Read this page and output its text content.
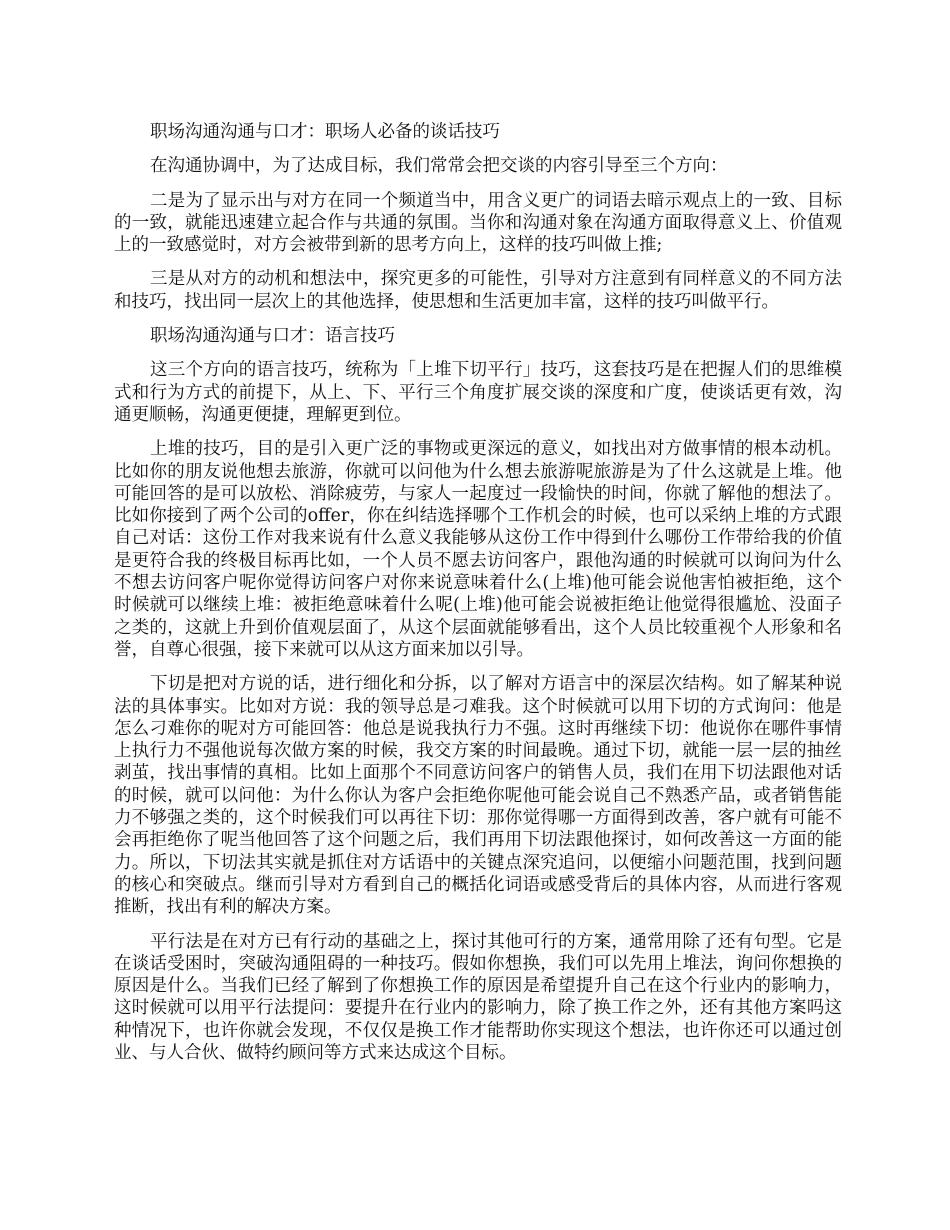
职场沟通沟通与口才：职场人必备的谈话技巧

在沟通协调中，为了达成目标，我们常常会把交谈的内容引导至三个方向：

二是为了显示出与对方在同一个频道当中，用含义更广的词语去暗示观点上的一致、目标的一致，就能迅速建立起合作与共通的氛围。当你和沟通对象在沟通方面取得意义上、价值观上的一致感觉时，对方会被带到新的思考方向上，这样的技巧叫做上推;

三是从对方的动机和想法中，探究更多的可能性，引导对方注意到有同样意义的不同方法和技巧，找出同一层次上的其他选择，使思想和生活更加丰富，这样的技巧叫做平行。

职场沟通沟通与口才：语言技巧

这三个方向的语言技巧，统称为「上堆下切平行」技巧，这套技巧是在把握人们的思维模式和行为方式的前提下，从上、下、平行三个角度扩展交谈的深度和广度，使谈话更有效，沟通更顺畅，沟通更便捷，理解更到位。

上堆的技巧，目的是引入更广泛的事物或更深远的意义，如找出对方做事情的根本动机。比如你的朋友说他想去旅游，你就可以问他为什么想去旅游呢旅游是为了什么这就是上堆。他可能回答的是可以放松、消除疲劳，与家人一起度过一段愉快的时间，你就了解他的想法了。比如你接到了两个公司的offer，你在纠结选择哪个工作机会的时候，也可以采纳上堆的方式跟自己对话：这份工作对我来说有什么意义我能够从这份工作中得到什么哪份工作带给我的价值是更符合我的终极目标再比如，一个人员不愿去访问客户，跟他沟通的时候就可以询问为什么不想去访问客户呢你觉得访问客户对你来说意味着什么(上堆)他可能会说他害怕被拒绝，这个时候就可以继续上堆：被拒绝意味着什么呢(上堆)他可能会说被拒绝让他觉得很尴尬、没面子之类的，这就上升到价值观层面了，从这个层面就能够看出，这个人员比较重视个人形象和名誉，自尊心很强，接下来就可以从这方面来加以引导。

下切是把对方说的话，进行细化和分拆，以了解对方语言中的深层次结构。如了解某种说法的具体事实。比如对方说：我的领导总是刁难我。这个时候就可以用下切的方式询问：他是怎么刁难你的呢对方可能回答：他总是说我执行力不强。这时再继续下切：他说你在哪件事情上执行力不强他说每次做方案的时候，我交方案的时间最晚。通过下切，就能一层一层的抽丝剥茧，找出事情的真相。比如上面那个不同意访问客户的销售人员，我们在用下切法跟他对话的时候，就可以问他：为什么你认为客户会拒绝你呢他可能会说自己不熟悉产品，或者销售能力不够强之类的，这个时候我们可以再往下切：那你觉得哪一方面得到改善，客户就有可能不会再拒绝你了呢当他回答了这个问题之后，我们再用下切法跟他探讨，如何改善这一方面的能力。所以，下切法其实就是抓住对方话语中的关键点深究追问，以便缩小问题范围，找到问题的核心和突破点。继而引导对方看到自己的概括化词语或感受背后的具体内容，从而进行客观推断，找出有利的解决方案。

平行法是在对方已有行动的基础之上，探讨其他可行的方案，通常用除了还有句型。它是在谈话受困时，突破沟通阻碍的一种技巧。假如你想换，我们可以先用上堆法，询问你想换的原因是什么。当我们已经了解到了你想换工作的原因是希望提升自己在这个行业内的影响力，这时候就可以用平行法提问：要提升在行业内的影响力，除了换工作之外，还有其他方案吗这种情况下，也许你就会发现，不仅仅是换工作才能帮助你实现这个想法，也许你还可以通过创业、与人合伙、做特约顾问等方式来达成这个目标。
